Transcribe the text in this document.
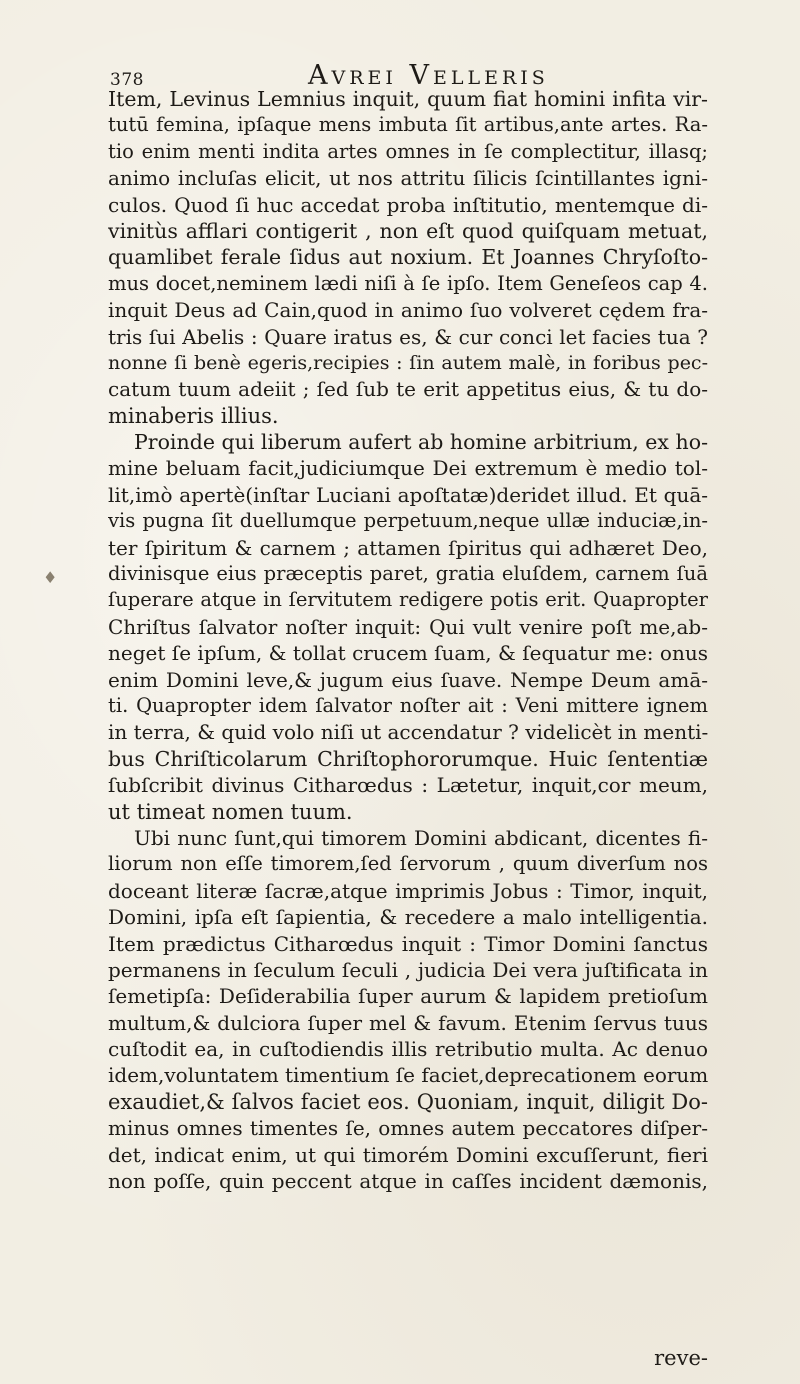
378	Avrei Velleris
Item, Levinus Lemnius inquit, quum fiat homini infita vir-
tutū femina, ipſaque mens imbuta ſit artibus,ante artes. Ra-
tio enim menti indita artes omnes in ſe complectitur, illasq;
animo incluſas elicit, ut nos attritu ſilicis ſcintillantes igni-
culos. Quod ſi huc accedat proba inſtitutio, mentemque di-
vinitùs afflari contigerit , non eſt quod quiſquam metuat,
quamlibet ferale ſidus aut noxium. Et Joannes Chryſoſto-
mus docet,neminem lædi niſi à ſe ipſo. Item Geneſeos cap 4.
inquit Deus ad Cain,quod in animo ſuo volveret cędem fra-
tris ſui Abelis : Quare iratus es, & cur conci let facies tua ?
nonne ſi benè egeris,recipies : ſin autem malè, in foribus pec-
catum tuum adeiit ; ſed ſub te erit appetitus eius, & tu do-
minaberis illius.
Proinde qui liberum aufert ab homine arbitrium, ex ho-
mine beluam facit,judiciumque Dei extremum è medio tol-
lit,imò apertè(inſtar Luciani apoſtatæ)deridet illud. Et quā-
vis pugna ſit duellumque perpetuum,neque ullæ induciæ,in-
ter ſpiritum & carnem ; attamen ſpiritus qui adhæret Deo,
divinisque eius præceptis paret, gratia eluſdem, carnem ſuā
ſuperare atque in ſervitutem redigere potis erit. Quapropter
Chriſtus ſalvator noſter inquit: Qui vult venire poſt me,ab-
neget ſe ipſum, & tollat crucem ſuam, & ſequatur me: onus
enim Domini leve,& jugum eius ſuave. Nempe Deum amā-
ti. Quapropter idem ſalvator noſter ait : Veni mittere ignem
in terra, & quid volo niſi ut accendatur ? videlicèt in menti-
bus Chriſticolarum Chriſtophororumque. Huic ſententiæ
ſubſcribit divinus Citharœdus : Lætetur, inquit,cor meum,
ut timeat nomen tuum.
Ubi nunc ſunt,qui timorem Domini abdicant, dicentes fi-
liorum non eſſe timorem,ſed ſervorum , quum diverſum nos
doceant literæ ſacræ,atque imprimis Jobus : Timor, inquit,
Domini, ipſa eſt ſapientia, & recedere a malo intelligentia.
Item prædictus Citharœdus inquit : Timor Domini ſanctus
permanens in ſeculum ſeculi , judicia Dei vera juſtificata in
ſemetipſa: Deſiderabilia ſuper aurum & lapidem pretioſum
multum,& dulciora ſuper mel & favum. Etenim ſervus tuus
cuſtodit ea, in cuſtodiendis illis retributio multa. Ac denuo
idem,voluntatem timentium ſe faciet,deprecationem eorum
exaudiet,& ſalvos faciet eos. Quoniam, inquit, diligit Do-
minus omnes timentes ſe, omnes autem peccatores diſper-
det, indicat enim, ut qui timorém Domini excuſſerunt, fieri
non poſſe, quin peccent atque in caſſes incident dæmonis,
reve-
♦
